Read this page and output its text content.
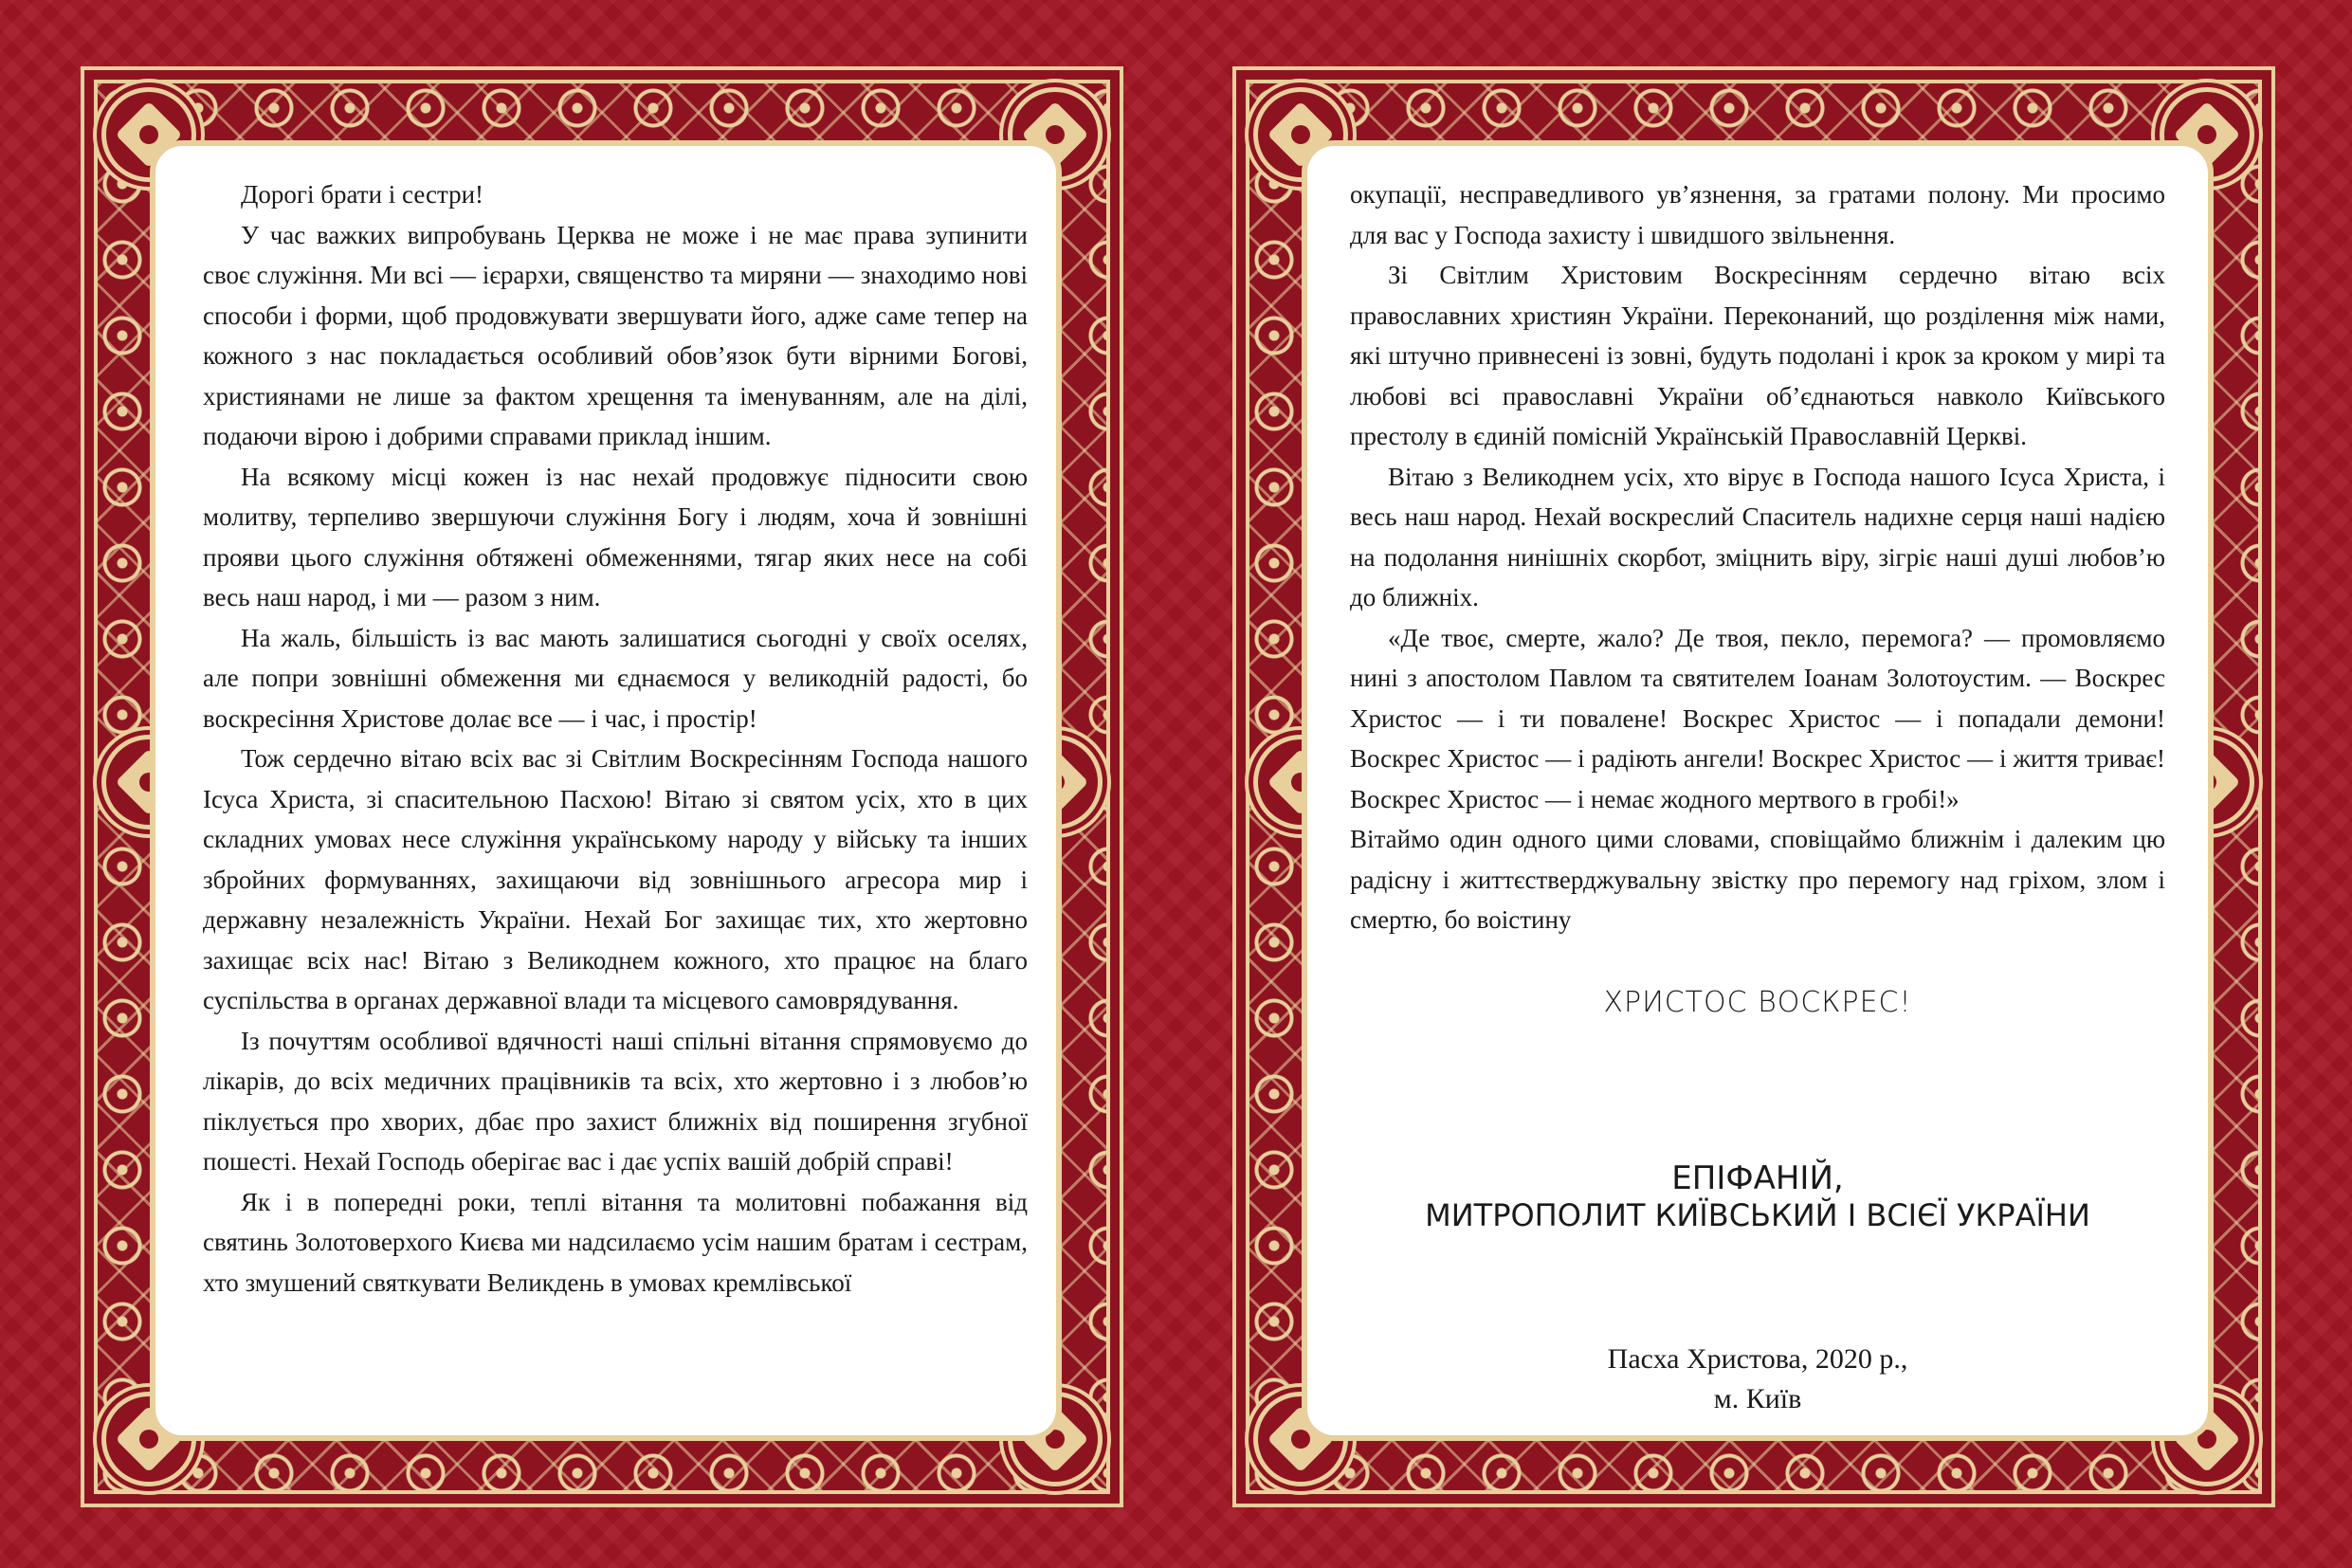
Дорогі брати і сестри!

У час важких випробувань Церква не може і не має права зупинити своє служіння. Ми всі — ієрархи, священство та миряни — знаходимо нові способи і форми, щоб продовжувати звершувати його, адже саме тепер на кожного з нас покладається особливий обов’язок бути вірними Богові, християнами не лише за фактом хрещення та іменуванням, але на ділі, подаючи вірою і добрими справами приклад іншим.

На всякому місці кожен із нас нехай продовжує підносити свою молитву, терпеливо звершуючи служіння Богу і людям, хоча й зовнішні прояви цього служіння обтяжені обмеженнями, тягар яких несе на собі весь наш народ, і ми — разом з ним.

На жаль, більшість із вас мають залишатися сьогодні у своїх оселях, але попри зовнішні обмеження ми єднаємося у великодній радості, бо воскресіння Христове долає все — і час, і простір!

Тож сердечно вітаю всіх вас зі Світлим Воскресінням Господа нашого Ісуса Христа, зі спасительною Пасхою! Вітаю зі святом усіх, хто в цих складних умовах несе служіння українському народу у війську та інших збройних формуваннях, захищаючи від зовнішнього агресора мир і державну незалежність України. Нехай Бог захищає тих, хто жертовно захищає всіх нас! Вітаю з Великоднем кожного, хто працює на благо суспільства в органах державної влади та місцевого самоврядування.

Із почуттям особливої вдячності наші спільні вітання спрямовуємо до лікарів, до всіх медичних працівників та всіх, хто жертовно і з любов’ю піклується про хворих, дбає про захист ближніх від поширення згубної пошесті. Нехай Господь оберігає вас і дає успіх вашій добрій справі!

Як і в попередні роки, теплі вітання та молитовні побажання від святинь Золотоверхого Києва ми надсилаємо усім нашим братам і сестрам, хто змушений святкувати Великдень в умовах кремлівської

окупації, несправедливого ув’язнення, за гратами полону. Ми просимо для вас у Господа захисту і швидшого звільнення.

Зі Світлим Христовим Воскресінням сердечно вітаю всіх православних християн України. Переконаний, що розділення між нами, які штучно привнесені із зовні, будуть подолані і крок за кроком у мирі та любові всі православні України об’єднаються навколо Київського престолу в єдиній помісній Українській Православній Церкві.

Вітаю з Великоднем усіх, хто вірує в Господа нашого Ісуса Христа, і весь наш народ. Нехай воскреслий Спаситель надихне серця наші надією на подолання нинішніх скорбот, зміцнить віру, зігріє наші душі любов’ю до ближніх.

«Де твоє, смерте, жало? Де твоя, пекло, перемога? — промовляємо нині з апостолом Павлом та святителем Іоанам Золотоустим. — Воскрес Христос — і ти повалене! Воскрес Христос — і попадали демони! Воскрес Христос — і радіють ангели! Воскрес Христос — і життя триває! Воскрес Христос — і немає жодного мертвого в гробі!»

Вітаймо один одного цими словами, сповіщаймо ближнім і далеким цю радісну і життєстверджувальну звістку про перемогу над гріхом, злом і смертю, бо воістину

ХРИСТОС ВОСКРЕС!
ЕПІФАНІЙ,
МИТРОПОЛИТ КИЇВСЬКИЙ І ВСІЄЇ УКРАЇНИ
Пасха Христова, 2020 р.,
м. Київ
